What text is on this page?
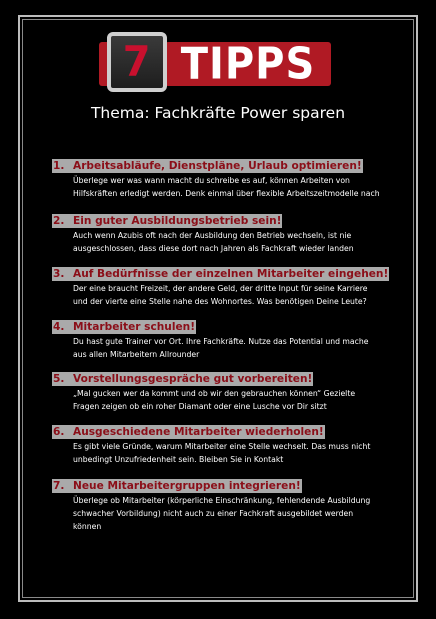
TIPPS
7
Thema: Fachkräfte Power sparen
1. Arbeitsabläufe, Dienstpläne, Urlaub optimieren!
Überlege wer was wann macht du schreibe es auf, können Arbeiten von
Hilfskräften erledigt werden. Denk einmal über flexible Arbeitszeitmodelle nach
2. Ein guter Ausbildungsbetrieb sein!
Auch wenn Azubis oft nach der Ausbildung den Betrieb wechseln, ist nie
ausgeschlossen, dass diese dort nach Jahren als Fachkraft wieder landen
3. Auf Bedürfnisse der einzelnen Mitarbeiter eingehen!
Der eine braucht Freizeit, der andere Geld, der dritte Input für seine Karriere
und der vierte eine Stelle nahe des Wohnortes. Was benötigen Deine Leute?
4. Mitarbeiter schulen!
Du hast gute Trainer vor Ort. Ihre Fachkräfte. Nutze das Potential und mache
aus allen Mitarbeitern Allrounder
5. Vorstellungsgespräche gut vorbereiten!
„Mal gucken wer da kommt und ob wir den gebrauchen können“ Gezielte
Fragen zeigen ob ein roher Diamant oder eine Lusche vor Dir sitzt
6. Ausgeschiedene Mitarbeiter wiederholen!
Es gibt viele Gründe, warum Mitarbeiter eine Stelle wechselt. Das muss nicht
unbedingt Unzufriedenheit sein. Bleiben Sie in Kontakt
7. Neue Mitarbeitergruppen integrieren!
Überlege ob Mitarbeiter (körperliche Einschränkung, fehlendende Ausbildung
schwacher Vorbildung) nicht auch zu einer Fachkraft ausgebildet werden
können
